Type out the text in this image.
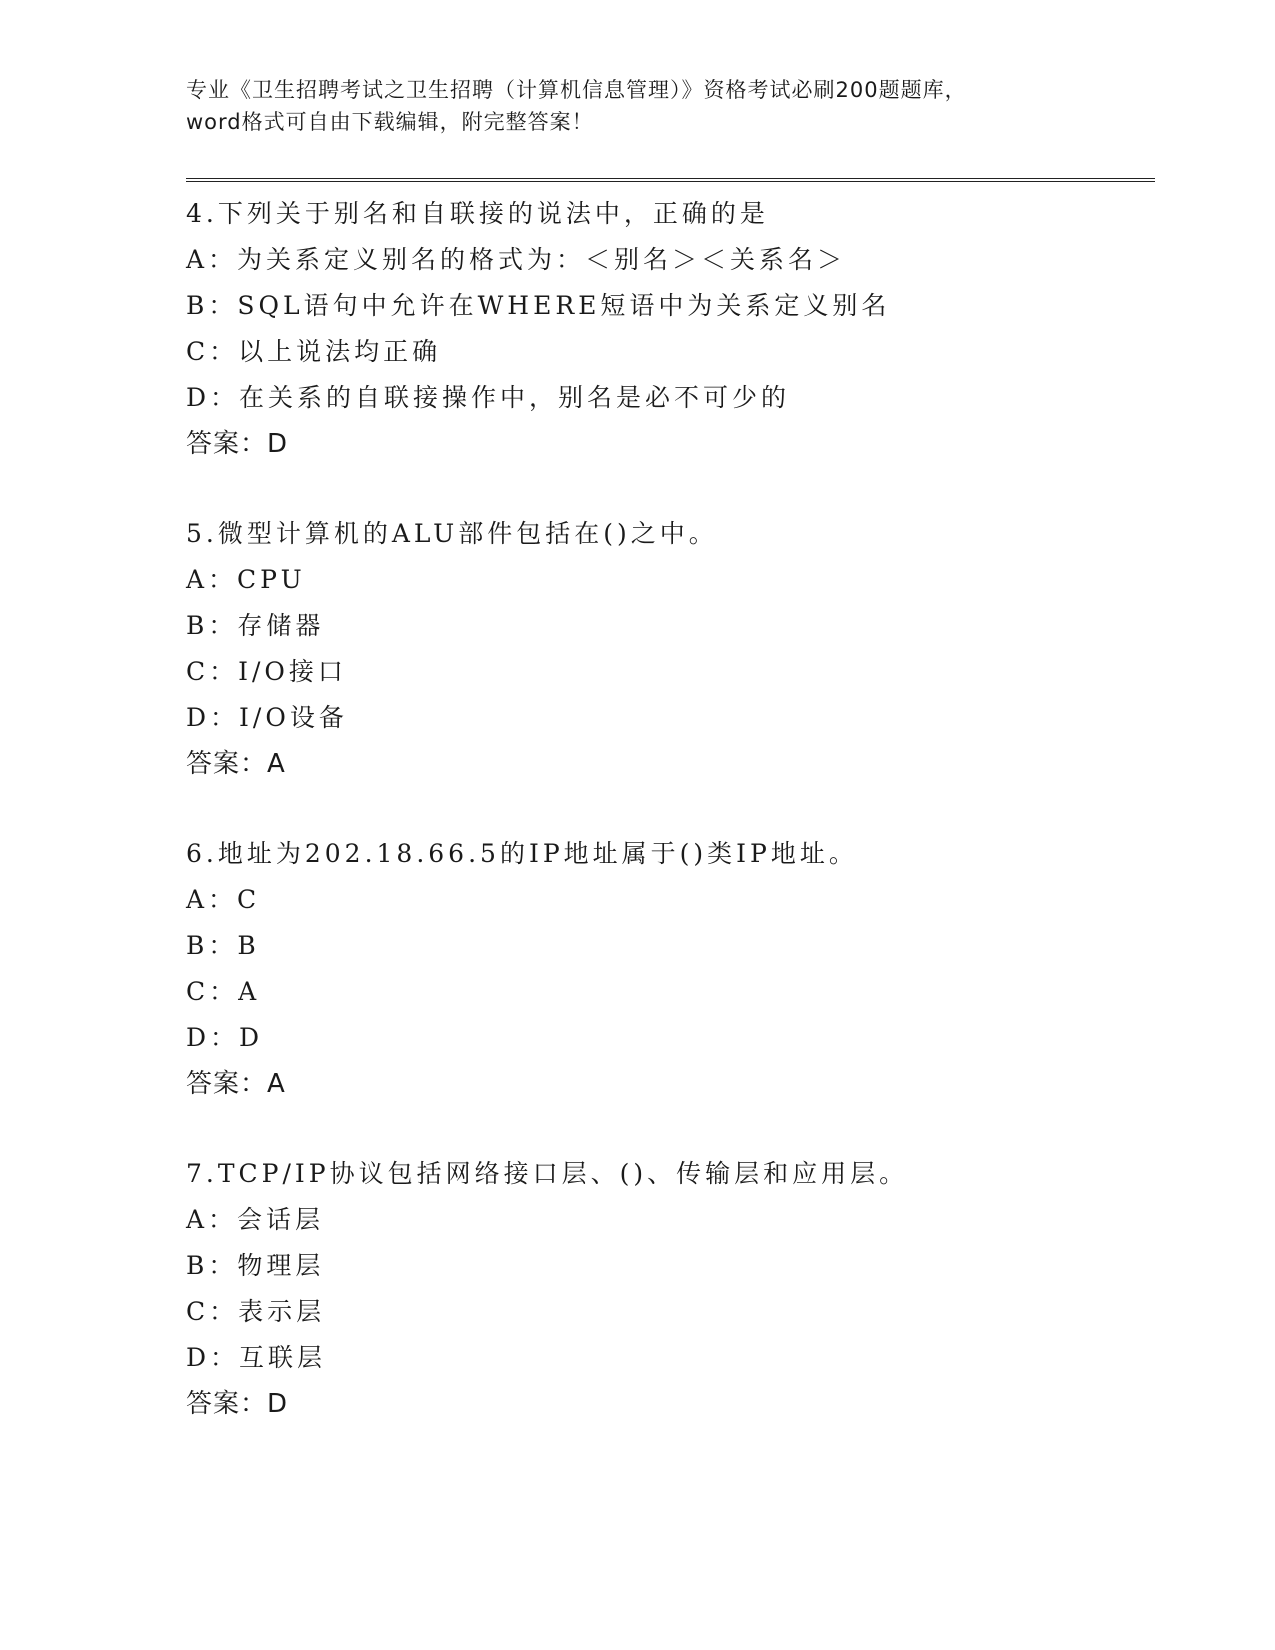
专业《卫生招聘考试之卫生招聘（计算机信息管理）》资格考试必刷200题题库，
word格式可自由下载编辑，附完整答案！
4.下列关于别名和自联接的说法中，正确的是
A：为关系定义别名的格式为：＜别名＞＜关系名＞
B：SQL语句中允许在WHERE短语中为关系定义别名
C：以上说法均正确
D：在关系的自联接操作中，别名是必不可少的
答案：D
5.微型计算机的ALU部件包括在()之中。
A：CPU
B：存储器
C：I/O接口
D：I/O设备
答案：A
6.地址为202.18.66.5的IP地址属于()类IP地址。
A：C
B：B
C：A
D：D
答案：A
7.TCP/IP协议包括网络接口层、()、传输层和应用层。
A：会话层
B：物理层
C：表示层
D：互联层
答案：D
